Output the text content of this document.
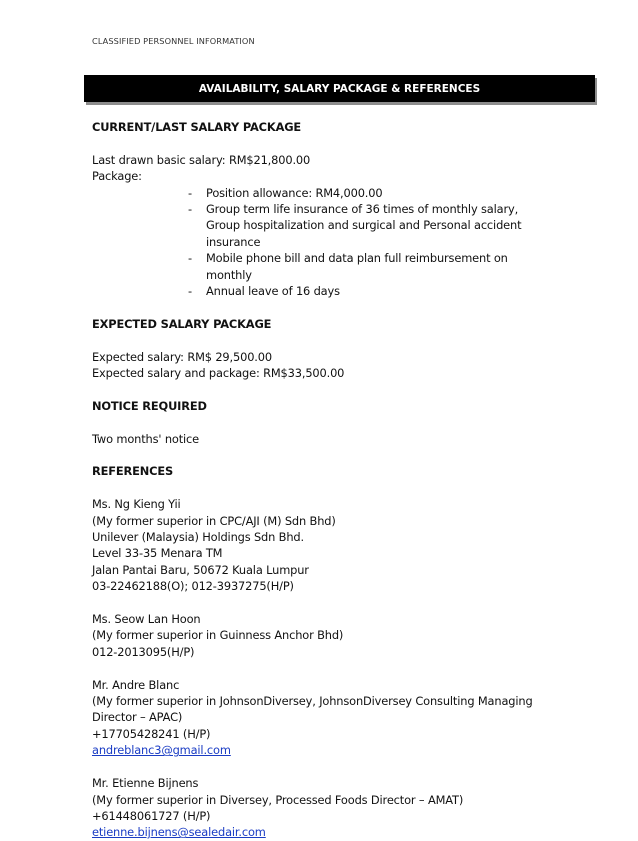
CLASSIFIED PERSONNEL INFORMATION
AVAILABILITY, SALARY PACKAGE & REFERENCES
CURRENT/LAST SALARY PACKAGE
Last drawn basic salary: RM$21,800.00
Package:
- Position allowance: RM4,000.00
- Group term life insurance of 36 times of monthly salary, Group hospitalization and surgical and Personal accident insurance
- Mobile phone bill and data plan full reimbursement on monthly
- Annual leave of 16 days
EXPECTED SALARY PACKAGE
Expected salary: RM$ 29,500.00
Expected salary and package: RM$33,500.00
NOTICE REQUIRED
Two months' notice
REFERENCES
Ms. Ng Kieng Yii
(My former superior in CPC/AJI (M) Sdn Bhd)
Unilever (Malaysia) Holdings Sdn Bhd.
Level 33-35 Menara TM
Jalan Pantai Baru, 50672 Kuala Lumpur
03-22462188(O); 012-3937275(H/P)
Ms. Seow Lan Hoon
(My former superior in Guinness Anchor Bhd)
012-2013095(H/P)
Mr. Andre Blanc
(My former superior in JohnsonDiversey, JohnsonDiversey Consulting Managing
Director – APAC)
+17705428241 (H/P)
andreblanc3@gmail.com
Mr. Etienne Bijnens
(My former superior in Diversey, Processed Foods Director – AMAT)
+61448061727 (H/P)
etienne.bijnens@sealedair.com
